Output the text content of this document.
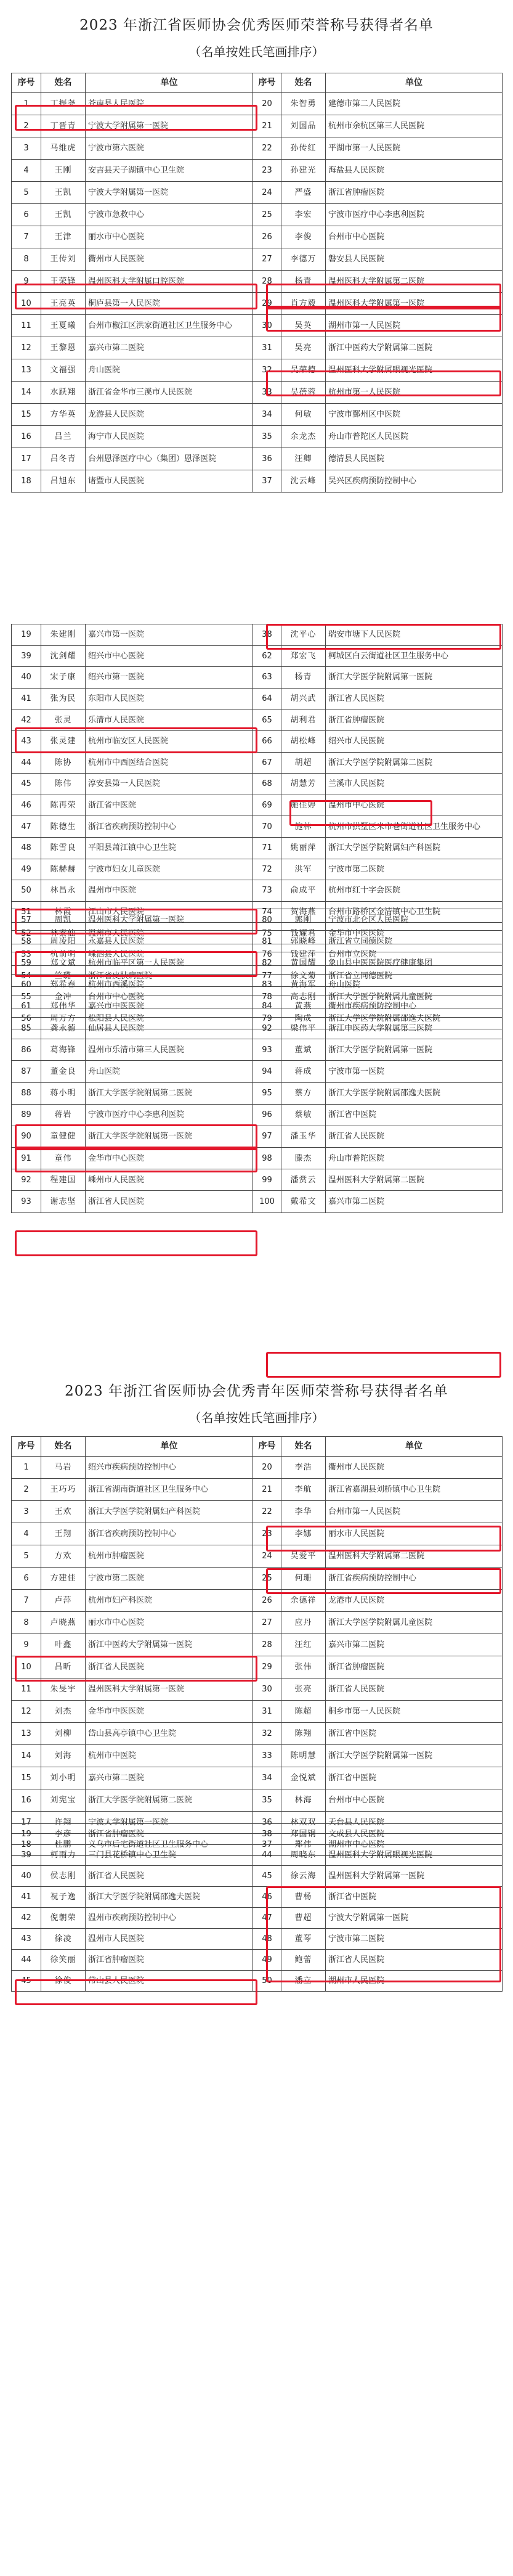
2023 年浙江省医师协会优秀医师荣誉称号获得者名单
（名单按姓氏笔画排序）
2023 年浙江省医师协会优秀青年医师荣誉称号获得者名单
（名单按姓氏笔画排序）
序号	姓名	单位	序号	姓名	单位
1	丁振尧	苍南县人民医院	20	朱智勇	建德市第二人民医院
2	丁晋青	宁波大学附属第一医院	21	刘国品	杭州市余杭区第三人民医院
3	马维虎	宁波市第六医院	22	孙传红	平湖市第一人民医院
4	王刚	安吉县天子湖镇中心卫生院	23	孙建光	海盐县人民医院
5	王凯	宁波大学附属第一医院	24	严盛	浙江省肿瘤医院
6	王凯	宁波市急救中心	25	李宏	宁波市医疗中心李惠利医院
7	王津	丽水市中心医院	26	李俊	台州市中心医院
8	王传刘	衢州市人民医院	27	李德万	磐安县人民医院
9	王荣锋	温州医科大学附属口腔医院	28	杨青	温州医科大学附属第二医院
10	王亮英	桐庐县第一人民医院	29	肖方毅	温州医科大学附属第一医院
11	王夏曦	台州市椒江区洪家街道社区卫生服务中心	30	吴英	湖州市第一人民医院
12	王黎恩	嘉兴市第二医院	31	吴亮	浙江中医药大学附属第二医院
13	文福强	舟山医院	32	吴荣德	温州医科大学附属眼视光医院
14	水跃翔	浙江省金华市三溪市人民医院	33	吴蓓蓉	杭州市第一人民医院
15	方华英	龙游县人民医院	34	何敏	宁波市鄞州区中医院
16	吕兰	海宁市人民医院	35	余龙杰	舟山市普陀区人民医院
17	吕冬青	台州恩泽医疗中心（集团）恩泽医院	36	汪卿	德清县人民医院
18	吕旭东	诸暨市人民医院	37	沈云峰	吴兴区疾病预防控制中心
19	朱建刚	嘉兴市第一医院	38	沈平心	瑞安市塘下人民医院
39	沈剑耀	绍兴市中心医院	62	郑宏飞	柯城区白云街道社区卫生服务中心
40	宋子康	绍兴市第一医院	63	杨青	浙江大学医学院附属第一医院
41	张为民	东阳市人民医院	64	胡兴武	浙江省人民医院
42	张灵	乐清市人民医院	65	胡利君	浙江省肿瘤医院
43	张灵建	杭州市临安区人民医院	66	胡松峰	绍兴市人民医院
44	陈协	杭州市中西医结合医院	67	胡超	浙江大学医学院附属第二医院
45	陈伟	淳安县第一人民医院	68	胡慧芳	兰溪市人民医院
46	陈再荣	浙江省中医院	69	施佳婷	温州市中心医院
47	陈德生	浙江省疾病预防控制中心	70	施林	杭州市拱墅区米市巷街道社区卫生服务中心
48	陈雪良	平阳县萧江镇中心卫生院	71	姚丽萍	浙江大学医学院附属妇产科医院
49	陈赫赫	宁波市妇女儿童医院	72	洪军	宁波市第二医院
50	林昌永	温州市中医院	73	俞成平	杭州市红十字会医院
51	林霞	江山市人民医院	74	贺海燕	台州市路桥区金清镇中心卫生院
52	林素仙	温州市人民医院	75	钱耀君	金华市中医医院
53	杭前明	嵊泗县人民医院	76	钱建萍	台州市立医院
54	竺璐	浙江省皮肤病医院	77	徐文菊	浙江省立同德医院
55	金冲	台州市中心医院	78	高志刚	浙江大学医学院附属儿童医院
56	周万方	松阳县人民医院	79	陶成	浙江大学医学院附属邵逸夫医院
57	周凯	温州医科大学附属第一医院	80	郭刚	宁波市北仑区人民医院
58	周凌阳	永嘉县人民医院	81	郭晓峰	浙江省立同德医院
59	郑文斌	杭州市临平区第一人民医院	82	黄国耀	象山县中医医院医疗健康集团
60	郑希春	杭州市西溪医院	83	黄海军	舟山医院
61	郑伟华	嘉兴市中医医院	84	黄燕	衢州市疾病预防控制中心
85	龚永德	仙居县人民医院	92	梁伟平	浙江中医药大学附属第三医院
86	葛海锋	温州市乐清市第三人民医院	93	董斌	浙江大学医学院附属第一医院
87	董金良	舟山医院	94	蒋成	宁波市第一医院
88	蒋小明	浙江大学医学院附属第二医院	95	蔡方	浙江大学医学院附属邵逸夫医院
89	蒋岩	宁波市医疗中心李惠利医院	96	蔡敏	浙江省中医院
90	童健健	浙江大学医学院附属第一医院	97	潘玉华	浙江省人民医院
91	童伟	金华市中心医院	98	滕杰	舟山市普陀医院
92	程建国	嵊州市人民医院	99	潘赏云	温州医科大学附属第二医院
93	谢志坚	浙江省人民医院	100	戴希文	嘉兴市第二医院
序号	姓名	单位	序号	姓名	单位
1	马岩	绍兴市疾病预防控制中心	20	李浩	衢州市人民医院
2	王巧巧	浙江省湖南街道社区卫生服务中心	21	李航	浙江省嘉湖县刘桥镇中心卫生院
3	王欢	浙江大学医学院附属妇产科医院	22	李华	台州市第一人民医院
4	王翔	浙江省疾病预防控制中心	23	李娜	丽水市人民医院
5	方欢	杭州市肿瘤医院	24	吴爱平	温州医科大学附属第二医院
6	方建佳	宁波市第二医院	25	何珊	浙江省疾病预防控制中心
7	卢萍	杭州市妇产科医院	26	余德祥	龙港市人民医院
8	卢晓燕	丽水市中心医院	27	应丹	浙江大学医学院附属儿童医院
9	叶鑫	浙江中医药大学附属第一医院	28	汪红	嘉兴市第二医院
10	吕昕	浙江省人民医院	29	张伟	浙江省肿瘤医院
11	朱旻宇	温州医科大学附属第一医院	30	张亮	浙江省人民医院
12	刘杰	金华市中医医院	31	陈超	桐乡市第一人民医院
13	刘柳	岱山县高亭镇中心卫生院	32	陈翔	浙江省中医院
14	刘海	杭州市中医院	33	陈明慧	浙江大学医学院附属第一医院
15	刘小明	嘉兴市第二医院	34	金悦斌	浙江省中医院
16	刘宪宝	浙江大学医学院附属第二医院	35	林海	台州市中心医院
17	许翔	宁波大学附属第一医院	36	林双双	天台县人民医院
18	杜鹏	义乌市后宅街道社区卫生服务中心	37	郑伟	湖州市中心医院
19	李彦	浙江省肿瘤医院	38	郑国钢	文成县人民医院
39	柯雨力	三门县花桥镇中心卫生院	44	周晓东	温州医科大学附属眼视光医院
40	侯志刚	浙江省人民医院	45	徐云海	温州医科大学附属第一医院
41	祝子逸	浙江大学医学院附属邵逸夫医院	46	曹杨	浙江省中医院
42	倪朝荣	温州市疾病预防控制中心	47	曹超	宁波大学附属第一医院
43	徐凌	温州市人民医院	48	董琴	宁波市第二医院
44	徐笑丽	浙江省肿瘤医院	49	鲍蕾	浙江省人民医院
45	徐俊	常山县人民医院	50	潘立	湖州市人民医院
